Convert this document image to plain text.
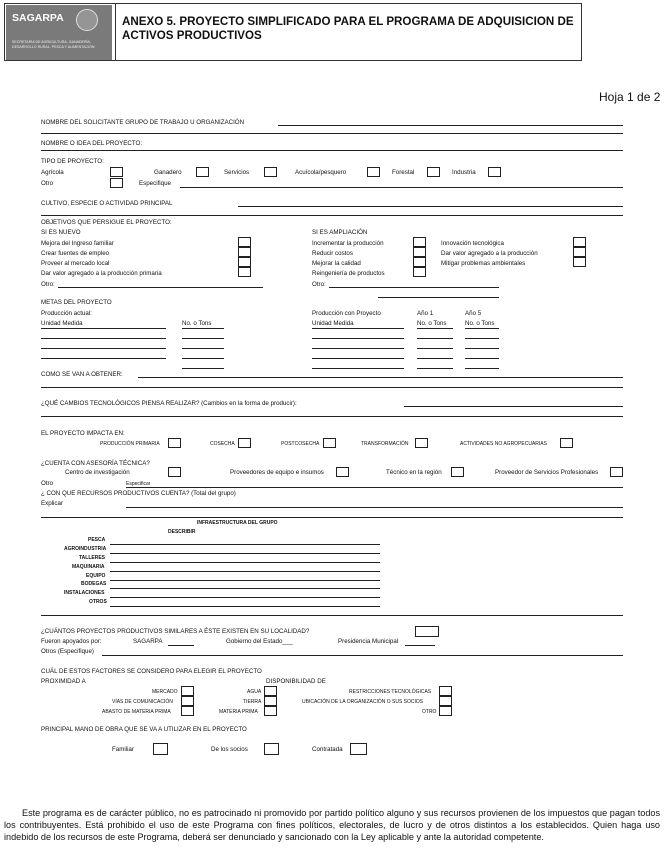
SAGARPA
SECRETARÍA DE AGRICULTURA, GANADERÍA, DESARROLLO RURAL, PESCA Y ALIMENTACIÓN
ANEXO 5. PROYECTO SIMPLIFICADO PARA EL PROGRAMA DE ADQUISICION DE ACTIVOS PRODUCTIVOS
Hoja 1 de 2
NOMBRE DEL SOLICITANTE GRUPO DE TRABAJO U ORGANIZACIÓN
NOMBRE O IDEA DEL PROYECTO:
TIPO DE PROYECTO:
Agrícola	Ganadero	Servicios	Acuícola/pesquero	Forestal	Industria
Otro	Especifique
CULTIVO, ESPECIE O ACTIVIDAD PRINCIPAL
OBJETIVOS QUE PERSIGUE EL PROYECTO:
SI ES NUEVO	SI ES AMPLIACIÓN
Mejora del Ingreso familiar
Crear fuentes de empleo
Proveer al mercado local
Dar valor agregado a la producción primaria
Incrementar la producción
Reducir costos
Mejorar la calidad
Reingeniería de productos
Innovación tecnológica
Dar valor agregado a la producción
Mitigar problemas ambientales
Otro:	Otro:
METAS DEL PROYECTO
Producción actual:
Unidad Medida	No. o Tons
Producción con Proyecto	Año 1	Año 5
Unidad Medida	No. o Tons	No. o Tons
COMO SE VAN A OBTENER:
¿QUÉ CAMBIOS TECNOLÓGICOS PIENSA REALIZAR? (Cambios en la forma de producir):
EL PROYECTO IMPACTA EN:
PRODUCCIÓN PRIMARIA	COSECHA	POSTCOSECHA	TRANSFORMACIÓN	ACTIVIDADES NO AGROPECUARIAS
¿CUENTA CON ASESORÍA TÉCNICA?
Centro de investigación	Proveedores de equipo e insumos	Técnico en la región	Proveedor de Servicios Profesionales
Otro	Especificar
¿ CON QUE RECURSOS PRODUCTIVOS CUENTA? (Total del grupo)
Explicar
INFRAESTRUCTURA DEL GRUPO
DESCRIBIR
PESCA
AGROINDUSTRIA
TALLERES
MAQUINARIA
EQUIPO
BODEGAS
INSTALACIONES
OTROS
¿CUÁNTOS PROYECTOS PRODUCTIVOS SIMILARES A ÉSTE EXISTEN EN SU LOCALIDAD?
Fueron apoyados por:	SAGARPA	Gobierno del Estado___	Presidencia Municipal
Otros (Especifique)
CUÁL DE ESTOS FACTORES SE CONSIDERO PARA ELEGIR EL PROYECTO
PROXIMIDAD A	DISPONIBILIDAD DE
MERCADO
VÍAS DE COMUNICACIÓN
ABASTO DE MATERIA PRIMA
AGUA
TIERRA
MATERIA PRIMA
RESTRICCIONES TECNOLÓGICAS
UBICACIÓN DE LA ORGANIZACIÓN O SUS SOCIOS
OTRO
PRINCIPAL MANO DE OBRA QUE SE VA A UTILIZAR EN EL PROYECTO
Familiar	De los socios	Contratada
Este programa es de carácter público, no es patrocinado ni promovido por partido político alguno y sus recursos provienen de los impuestos que pagan todos los contribuyentes. Está prohibido el uso de este Programa con fines políticos, electorales, de lucro y de otros distintos a los establecidos. Quien haga uso indebido de los recursos de este Programa, deberá ser denunciado y sancionado con la Ley aplicable y ante la autoridad competente.
